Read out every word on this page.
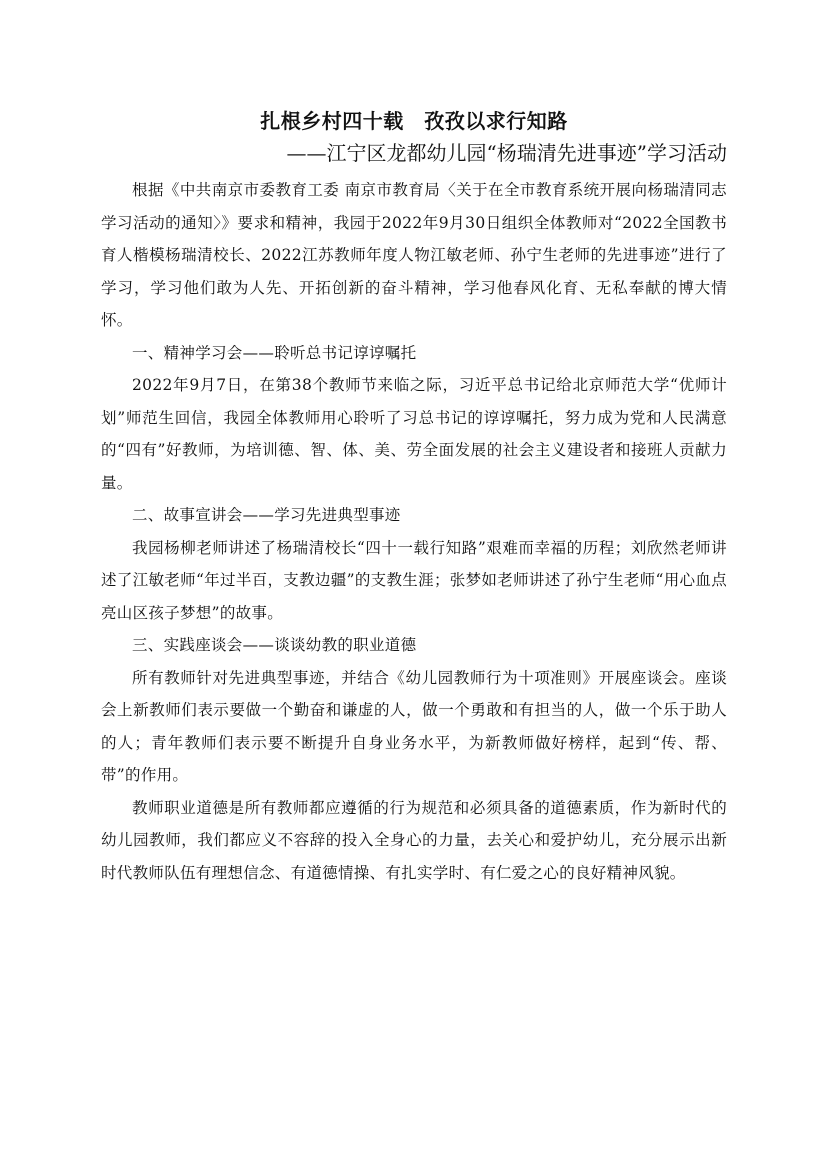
扎根乡村四十载　孜孜以求行知路
——江宁区龙都幼儿园“杨瑞清先进事迹”学习活动

根据《中共南京市委教育工委 南京市教育局〈关于在全市教育系统开展向杨瑞清同志学习活动的通知〉》要求和精神，我园于2022年9月30日组织全体教师对“2022全国教书育人楷模杨瑞清校长、2022江苏教师年度人物江敏老师、孙宁生老师的先进事迹”进行了学习，学习他们敢为人先、开拓创新的奋斗精神，学习他春风化育、无私奉献的博大情怀。

一、精神学习会——聆听总书记谆谆嘱托

2022年9月7日，在第38个教师节来临之际，习近平总书记给北京师范大学“优师计划”师范生回信，我园全体教师用心聆听了习总书记的谆谆嘱托，努力成为党和人民满意的“四有”好教师，为培训德、智、体、美、劳全面发展的社会主义建设者和接班人贡献力量。

二、故事宣讲会——学习先进典型事迹

我园杨柳老师讲述了杨瑞清校长“四十一载行知路”艰难而幸福的历程；刘欣然老师讲述了江敏老师“年过半百，支教边疆”的支教生涯；张梦如老师讲述了孙宁生老师“用心血点亮山区孩子梦想”的故事。

三、实践座谈会——谈谈幼教的职业道德

所有教师针对先进典型事迹，并结合《幼儿园教师行为十项准则》开展座谈会。座谈会上新教师们表示要做一个勤奋和谦虚的人，做一个勇敢和有担当的人，做一个乐于助人的人；青年教师们表示要不断提升自身业务水平，为新教师做好榜样，起到“传、帮、带”的作用。

教师职业道德是所有教师都应遵循的行为规范和必须具备的道德素质，作为新时代的幼儿园教师，我们都应义不容辞的投入全身心的力量，去关心和爱护幼儿，充分展示出新时代教师队伍有理想信念、有道德情操、有扎实学时、有仁爱之心的良好精神风貌。
